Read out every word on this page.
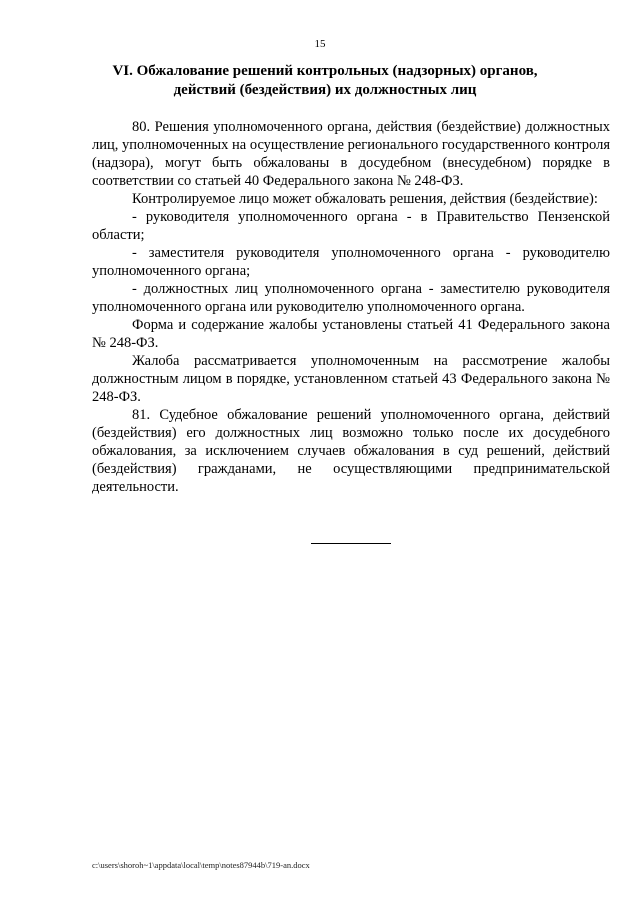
15
VI. Обжалование решений контрольных (надзорных) органов,
действий (бездействия) их должностных лиц

80. Решения уполномоченного органа, действия (бездействие) должностных лиц, уполномоченных на осуществление регионального государственного контроля (надзора), могут быть обжалованы в досудебном (внесудебном) порядке в соответствии со статьей 40 Федерального закона № 248-ФЗ.

Контролируемое лицо может обжаловать решения, действия (бездействие):

- руководителя уполномоченного органа - в Правительство Пензенской области;

- заместителя руководителя уполномоченного органа - руководителю уполномоченного органа;

- должностных лиц уполномоченного органа - заместителю руководителя уполномоченного органа или руководителю уполномоченного органа.

Форма и содержание жалобы установлены статьей 41 Федерального закона № 248-ФЗ.

Жалоба рассматривается уполномоченным на рассмотрение жалобы должностным лицом в порядке, установленном статьей 43 Федерального закона № 248-ФЗ.

81. Судебное обжалование решений уполномоченного органа, действий (бездействия) его должностных лиц возможно только после их досудебного обжалования, за исключением случаев обжалования в суд решений, действий (бездействия) гражданами, не осуществляющими предпринимательской деятельности.

c:\users\shoroh~1\appdata\local\temp\notes87944b\719-an.docx
